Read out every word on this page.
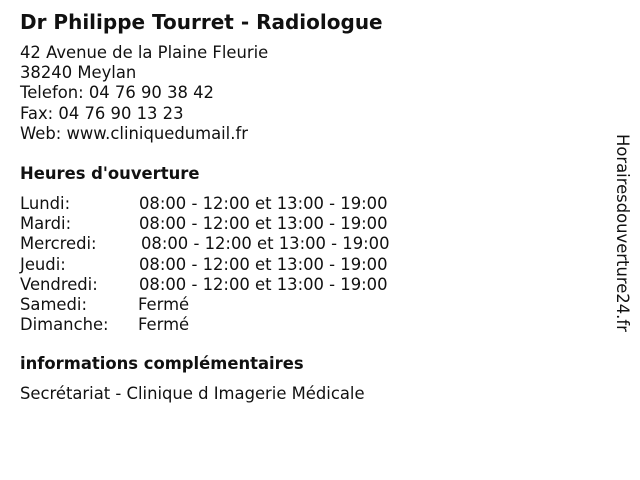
Dr Philippe Tourret - Radiologue
42 Avenue de la Plaine Fleurie
38240 Meylan
Telefon: 04 76 90 38 42
Fax: 04 76 90 13 23
Web: www.cliniquedumail.fr
Heures d'ouverture
Lundi:	08:00 - 12:00 et 13:00 - 19:00
Mardi:	08:00 - 12:00 et 13:00 - 19:00
Mercredi:	08:00 - 12:00 et 13:00 - 19:00
Jeudi:	08:00 - 12:00 et 13:00 - 19:00
Vendredi:	08:00 - 12:00 et 13:00 - 19:00
Samedi:	Fermé
Dimanche: Fermé
informations complémentaires
Secrétariat - Clinique d Imagerie Médicale
Horairesdouverture24.fr
